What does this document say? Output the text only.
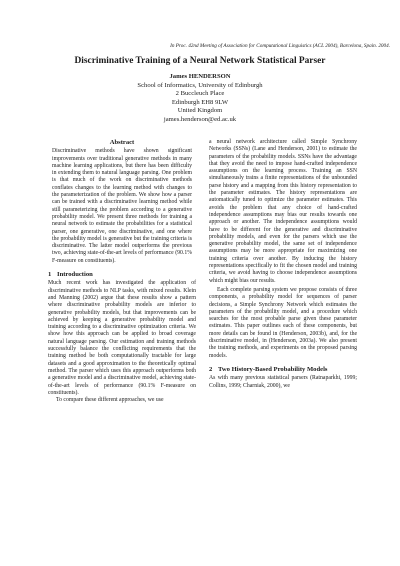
In Proc. 42nd Meeting of Association for Computational Linguistics (ACL 2004), Barcelona, Spain. 2004.
Discriminative Training of a Neural Network Statistical Parser
James HENDERSON
School of Informatics, University of Edinburgh
2 Buccleuch Place
Edinburgh EH8 9LW
United Kingdom
james.henderson@ed.ac.uk
Abstract
Discriminative methods have shown significant improvements over traditional generative methods in many machine learning applications, but there has been difficulty in extending them to natural language parsing. One problem is that much of the work on discriminative methods conflates changes to the learning method with changes to the parameterization of the problem. We show how a parser can be trained with a discriminative learning method while still parameterizing the problem according to a generative probability model. We present three methods for training a neural network to estimate the probabilities for a statistical parser, one generative, one discriminative, and one where the probability model is generative but the training criteria is discriminative. The latter model outperforms the previous two, achieving state-of-the-art levels of performance (90.1% F-measure on constituents).
1 Introduction

Much recent work has investigated the application of discriminative methods to NLP tasks, with mixed results. Klein and Manning (2002) argue that these results show a pattern where discriminative probability models are inferior to generative probability models, but that improvements can be achieved by keeping a generative probability model and training according to a discriminative optimization criteria. We show how this approach can be applied to broad coverage natural language parsing. Our estimation and training methods successfully balance the conflicting requirements that the training method be both computationally tractable for large datasets and a good approximation to the theoretically optimal method. The parser which uses this approach outperforms both a generative model and a discriminative model, achieving state-of-the-art levels of performance (90.1% F-measure on constituents).

To compare these different approaches, we use

a neural network architecture called Simple Synchrony Networks (SSNs) (Lane and Henderson, 2001) to estimate the parameters of the probability models. SSNs have the advantage that they avoid the need to impose hand-crafted independence assumptions on the learning process. Training an SSN simultaneously trains a finite representations of the unbounded parse history and a mapping from this history representation to the parameter estimates. The history representations are automatically tuned to optimize the parameter estimates. This avoids the problem that any choice of hand-crafted independence assumptions may bias our results towards one approach or another. The independence assumptions would have to be different for the generative and discriminative probability models, and even for the parsers which use the generative probability model, the same set of independence assumptions may be more appropriate for maximizing one training criteria over another. By inducing the history representations specifically to fit the chosen model and training criteria, we avoid having to choose independence assumptions which might bias our results.

Each complete parsing system we propose consists of three components, a probability model for sequences of parser decisions, a Simple Synchrony Network which estimates the parameters of the probability model, and a procedure which searches for the most probable parse given these parameter estimates. This paper outlines each of these components, but more details can be found in (Henderson, 2003b), and, for the discriminative model, in (Henderson, 2003a). We also present the training methods, and experiments on the proposed parsing models.

2 Two History-Based Probability Models

As with many previous statistical parsers (Ratnaparkhi, 1999; Collins, 1999; Charniak, 2000), we
